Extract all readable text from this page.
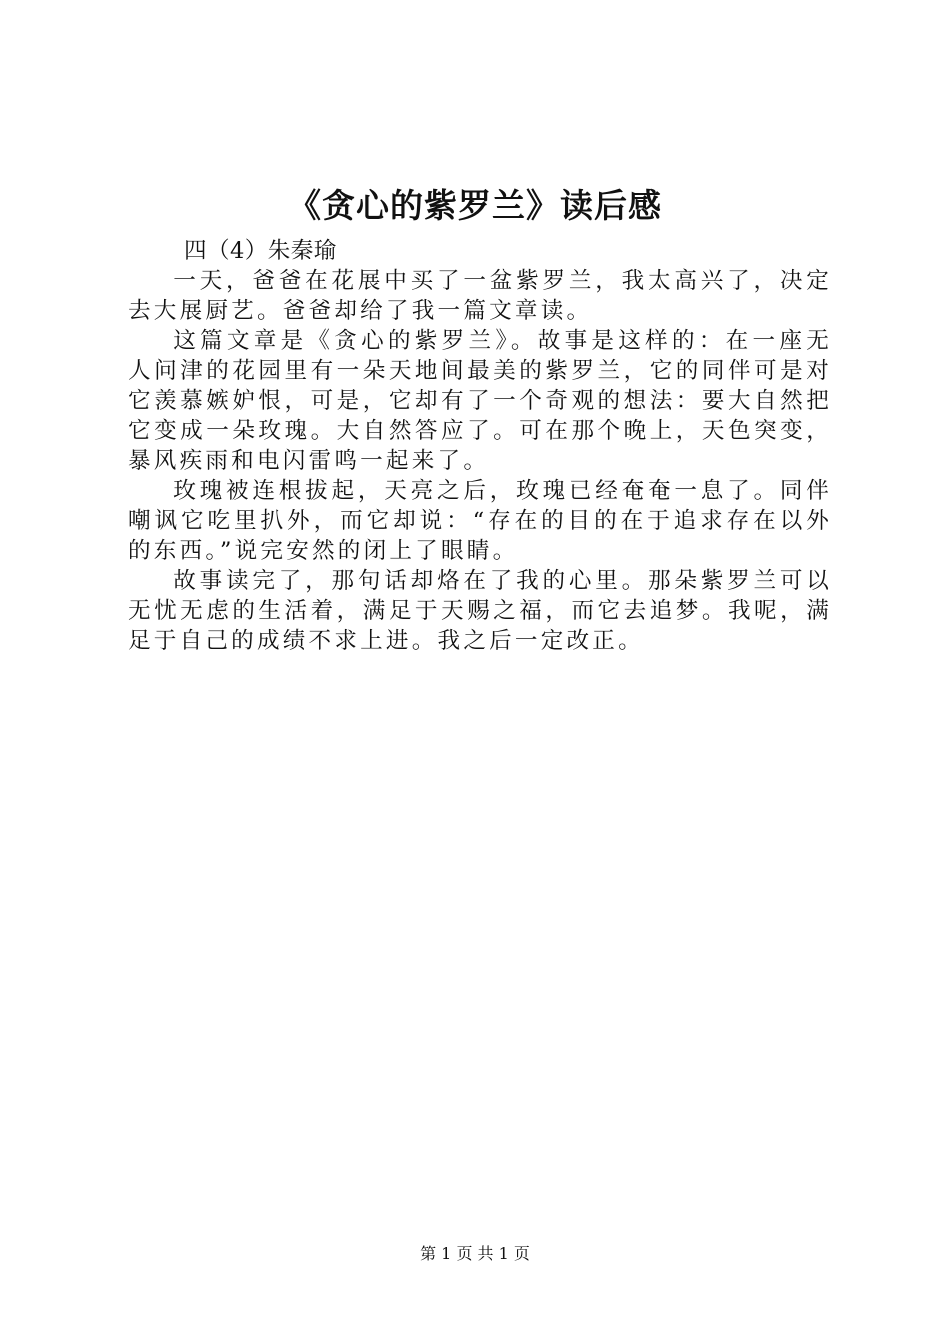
《贪心的紫罗兰》读后感

四（4）朱秦瑜

一天，爸爸在花展中买了一盆紫罗兰，我太高兴了，决定去大展厨艺。爸爸却给了我一篇文章读。

这篇文章是《贪心的紫罗兰》。故事是这样的：在一座无人问津的花园里有一朵天地间最美的紫罗兰，它的同伴可是对它羡慕嫉妒恨，可是，它却有了一个奇观的想法：要大自然把它变成一朵玫瑰。大自然答应了。可在那个晚上，天色突变，暴风疾雨和电闪雷鸣一起来了。

玫瑰被连根拔起，天亮之后，玫瑰已经奄奄一息了。同伴嘲讽它吃里扒外，而它却说：“存在的目的在于追求存在以外的东西。”说完安然的闭上了眼睛。

故事读完了，那句话却烙在了我的心里。那朵紫罗兰可以无忧无虑的生活着，满足于天赐之福，而它去追梦。我呢，满足于自己的成绩不求上进。我之后一定改正。

第 1 页 共 1 页
